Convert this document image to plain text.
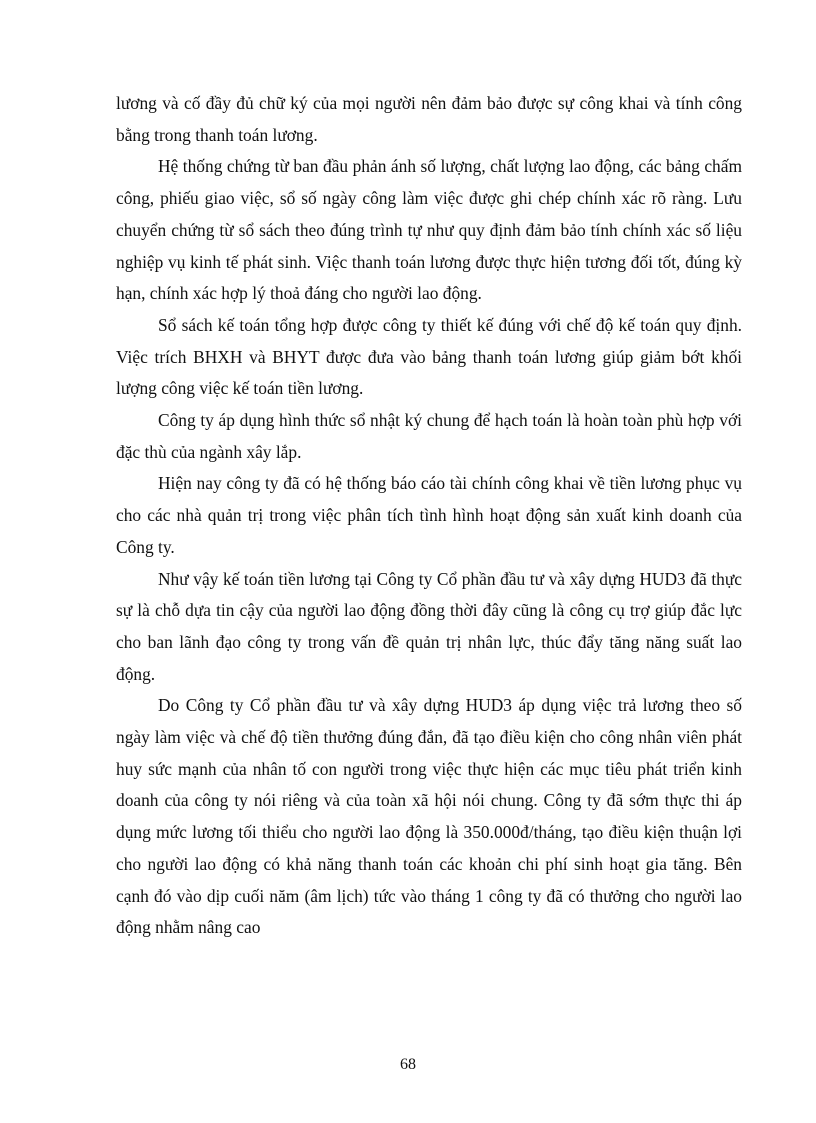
lương và cố đầy đủ chữ ký của mọi người nên đảm bảo được sự công khai và tính công bằng trong thanh toán lương.

Hệ thống chứng từ ban đầu phản ánh số lượng, chất lượng lao động, các bảng chấm công, phiếu giao việc, sổ số ngày công làm việc được ghi chép chính xác rõ ràng. Lưu chuyển chứng từ sổ sách theo đúng trình tự như quy định đảm bảo tính chính xác số liệu nghiệp vụ kinh tế phát sinh. Việc thanh toán lương được thực hiện tương đối tốt, đúng kỳ hạn, chính xác hợp lý thoả đáng cho người lao động.

Sổ sách kế toán tổng hợp được công ty thiết kế đúng với chế độ kế toán quy định. Việc trích BHXH và BHYT được đưa vào bảng thanh toán lương giúp giảm bớt khối lượng công việc kế toán tiền lương.

Công ty áp dụng hình thức sổ nhật ký chung để hạch toán là hoàn toàn phù hợp với đặc thù của ngành xây lắp.

Hiện nay công ty đã có hệ thống báo cáo tài chính công khai về tiền lương phục vụ cho các nhà quản trị trong việc phân tích tình hình hoạt động sản xuất kinh doanh của Công ty.

Như vậy kế toán tiền lương tại Công ty Cổ phần đầu tư và xây dựng HUD3 đã thực sự là chỗ dựa tin cậy của người lao động đồng thời đây cũng là công cụ trợ giúp đắc lực cho ban lãnh đạo công ty trong vấn đề quản trị nhân lực, thúc đẩy tăng năng suất lao động.

Do Công ty Cổ phần đầu tư và xây dựng HUD3 áp dụng việc trả lương theo số ngày làm việc và chế độ tiền thưởng đúng đắn, đã tạo điều kiện cho công nhân viên phát huy sức mạnh của nhân tố con người trong việc thực hiện các mục tiêu phát triển kinh doanh của công ty nói riêng và của toàn xã hội nói chung. Công ty đã sớm thực thi áp dụng mức lương tối thiểu cho người lao động là 350.000đ/tháng, tạo điều kiện thuận lợi cho người lao động có khả năng thanh toán các khoản chi phí sinh hoạt gia tăng. Bên cạnh đó vào dịp cuối năm (âm lịch) tức vào tháng 1 công ty đã có thưởng cho người lao động nhằm nâng cao

68
